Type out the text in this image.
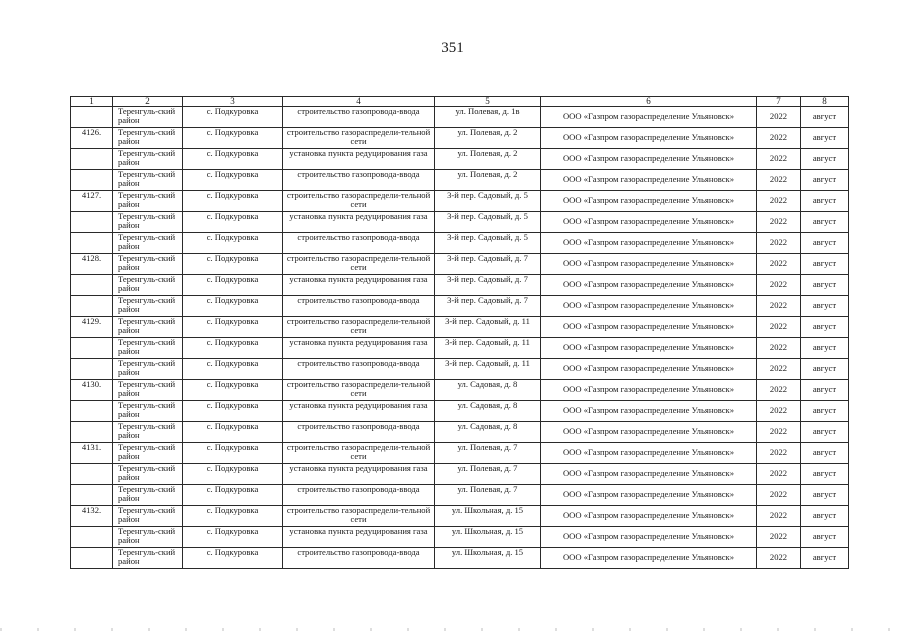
351
1	2	3	4	5	6	7	8
	Теренгуль-ский район	с. Подкуровка	строительство газопровода-ввода	ул. Полевая, д. 1в	ООО «Газпром газораспределение Ульяновск»	2022	август
4126.	Теренгуль-ский район	с. Подкуровка	строительство газораспредели-тельной сети	ул. Полевая, д. 2	ООО «Газпром газораспределение Ульяновск»	2022	август
	Теренгуль-ский район	с. Подкуровка	установка пункта редуцирования газа	ул. Полевая, д. 2	ООО «Газпром газораспределение Ульяновск»	2022	август
	Теренгуль-ский район	с. Подкуровка	строительство газопровода-ввода	ул. Полевая, д. 2	ООО «Газпром газораспределение Ульяновск»	2022	август
4127.	Теренгуль-ский район	с. Подкуровка	строительство газораспредели-тельной сети	3-й пер. Садовый, д. 5	ООО «Газпром газораспределение Ульяновск»	2022	август
	Теренгуль-ский район	с. Подкуровка	установка пункта редуцирования газа	3-й пер. Садовый, д. 5	ООО «Газпром газораспределение Ульяновск»	2022	август
	Теренгуль-ский район	с. Подкуровка	строительство газопровода-ввода	3-й пер. Садовый, д. 5	ООО «Газпром газораспределение Ульяновск»	2022	август
4128.	Теренгуль-ский район	с. Подкуровка	строительство газораспредели-тельной сети	3-й пер. Садовый, д. 7	ООО «Газпром газораспределение Ульяновск»	2022	август
	Теренгуль-ский район	с. Подкуровка	установка пункта редуцирования газа	3-й пер. Садовый, д. 7	ООО «Газпром газораспределение Ульяновск»	2022	август
	Теренгуль-ский район	с. Подкуровка	строительство газопровода-ввода	3-й пер. Садовый, д. 7	ООО «Газпром газораспределение Ульяновск»	2022	август
4129.	Теренгуль-ский район	с. Подкуровка	строительство газораспредели-тельной сети	3-й пер. Садовый, д. 11	ООО «Газпром газораспределение Ульяновск»	2022	август
	Теренгуль-ский район	с. Подкуровка	установка пункта редуцирования газа	3-й пер. Садовый, д. 11	ООО «Газпром газораспределение Ульяновск»	2022	август
	Теренгуль-ский район	с. Подкуровка	строительство газопровода-ввода	3-й пер. Садовый, д. 11	ООО «Газпром газораспределение Ульяновск»	2022	август
4130.	Теренгуль-ский район	с. Подкуровка	строительство газораспредели-тельной сети	ул. Садовая, д. 8	ООО «Газпром газораспределение Ульяновск»	2022	август
	Теренгуль-ский район	с. Подкуровка	установка пункта редуцирования газа	ул. Садовая, д. 8	ООО «Газпром газораспределение Ульяновск»	2022	август
	Теренгуль-ский район	с. Подкуровка	строительство газопровода-ввода	ул. Садовая, д. 8	ООО «Газпром газораспределение Ульяновск»	2022	август
4131.	Теренгуль-ский район	с. Подкуровка	строительство газораспредели-тельной сети	ул. Полевая, д. 7	ООО «Газпром газораспределение Ульяновск»	2022	август
	Теренгуль-ский район	с. Подкуровка	установка пункта редуцирования газа	ул. Полевая, д. 7	ООО «Газпром газораспределение Ульяновск»	2022	август
	Теренгуль-ский район	с. Подкуровка	строительство газопровода-ввода	ул. Полевая, д. 7	ООО «Газпром газораспределение Ульяновск»	2022	август
4132.	Теренгуль-ский район	с. Подкуровка	строительство газораспредели-тельной сети	ул. Школьная, д. 15	ООО «Газпром газораспределение Ульяновск»	2022	август
	Теренгуль-ский район	с. Подкуровка	установка пункта редуцирования газа	ул. Школьная, д. 15	ООО «Газпром газораспределение Ульяновск»	2022	август
	Теренгуль-ский район	с. Подкуровка	строительство газопровода-ввода	ул. Школьная, д. 15	ООО «Газпром газораспределение Ульяновск»	2022	август
